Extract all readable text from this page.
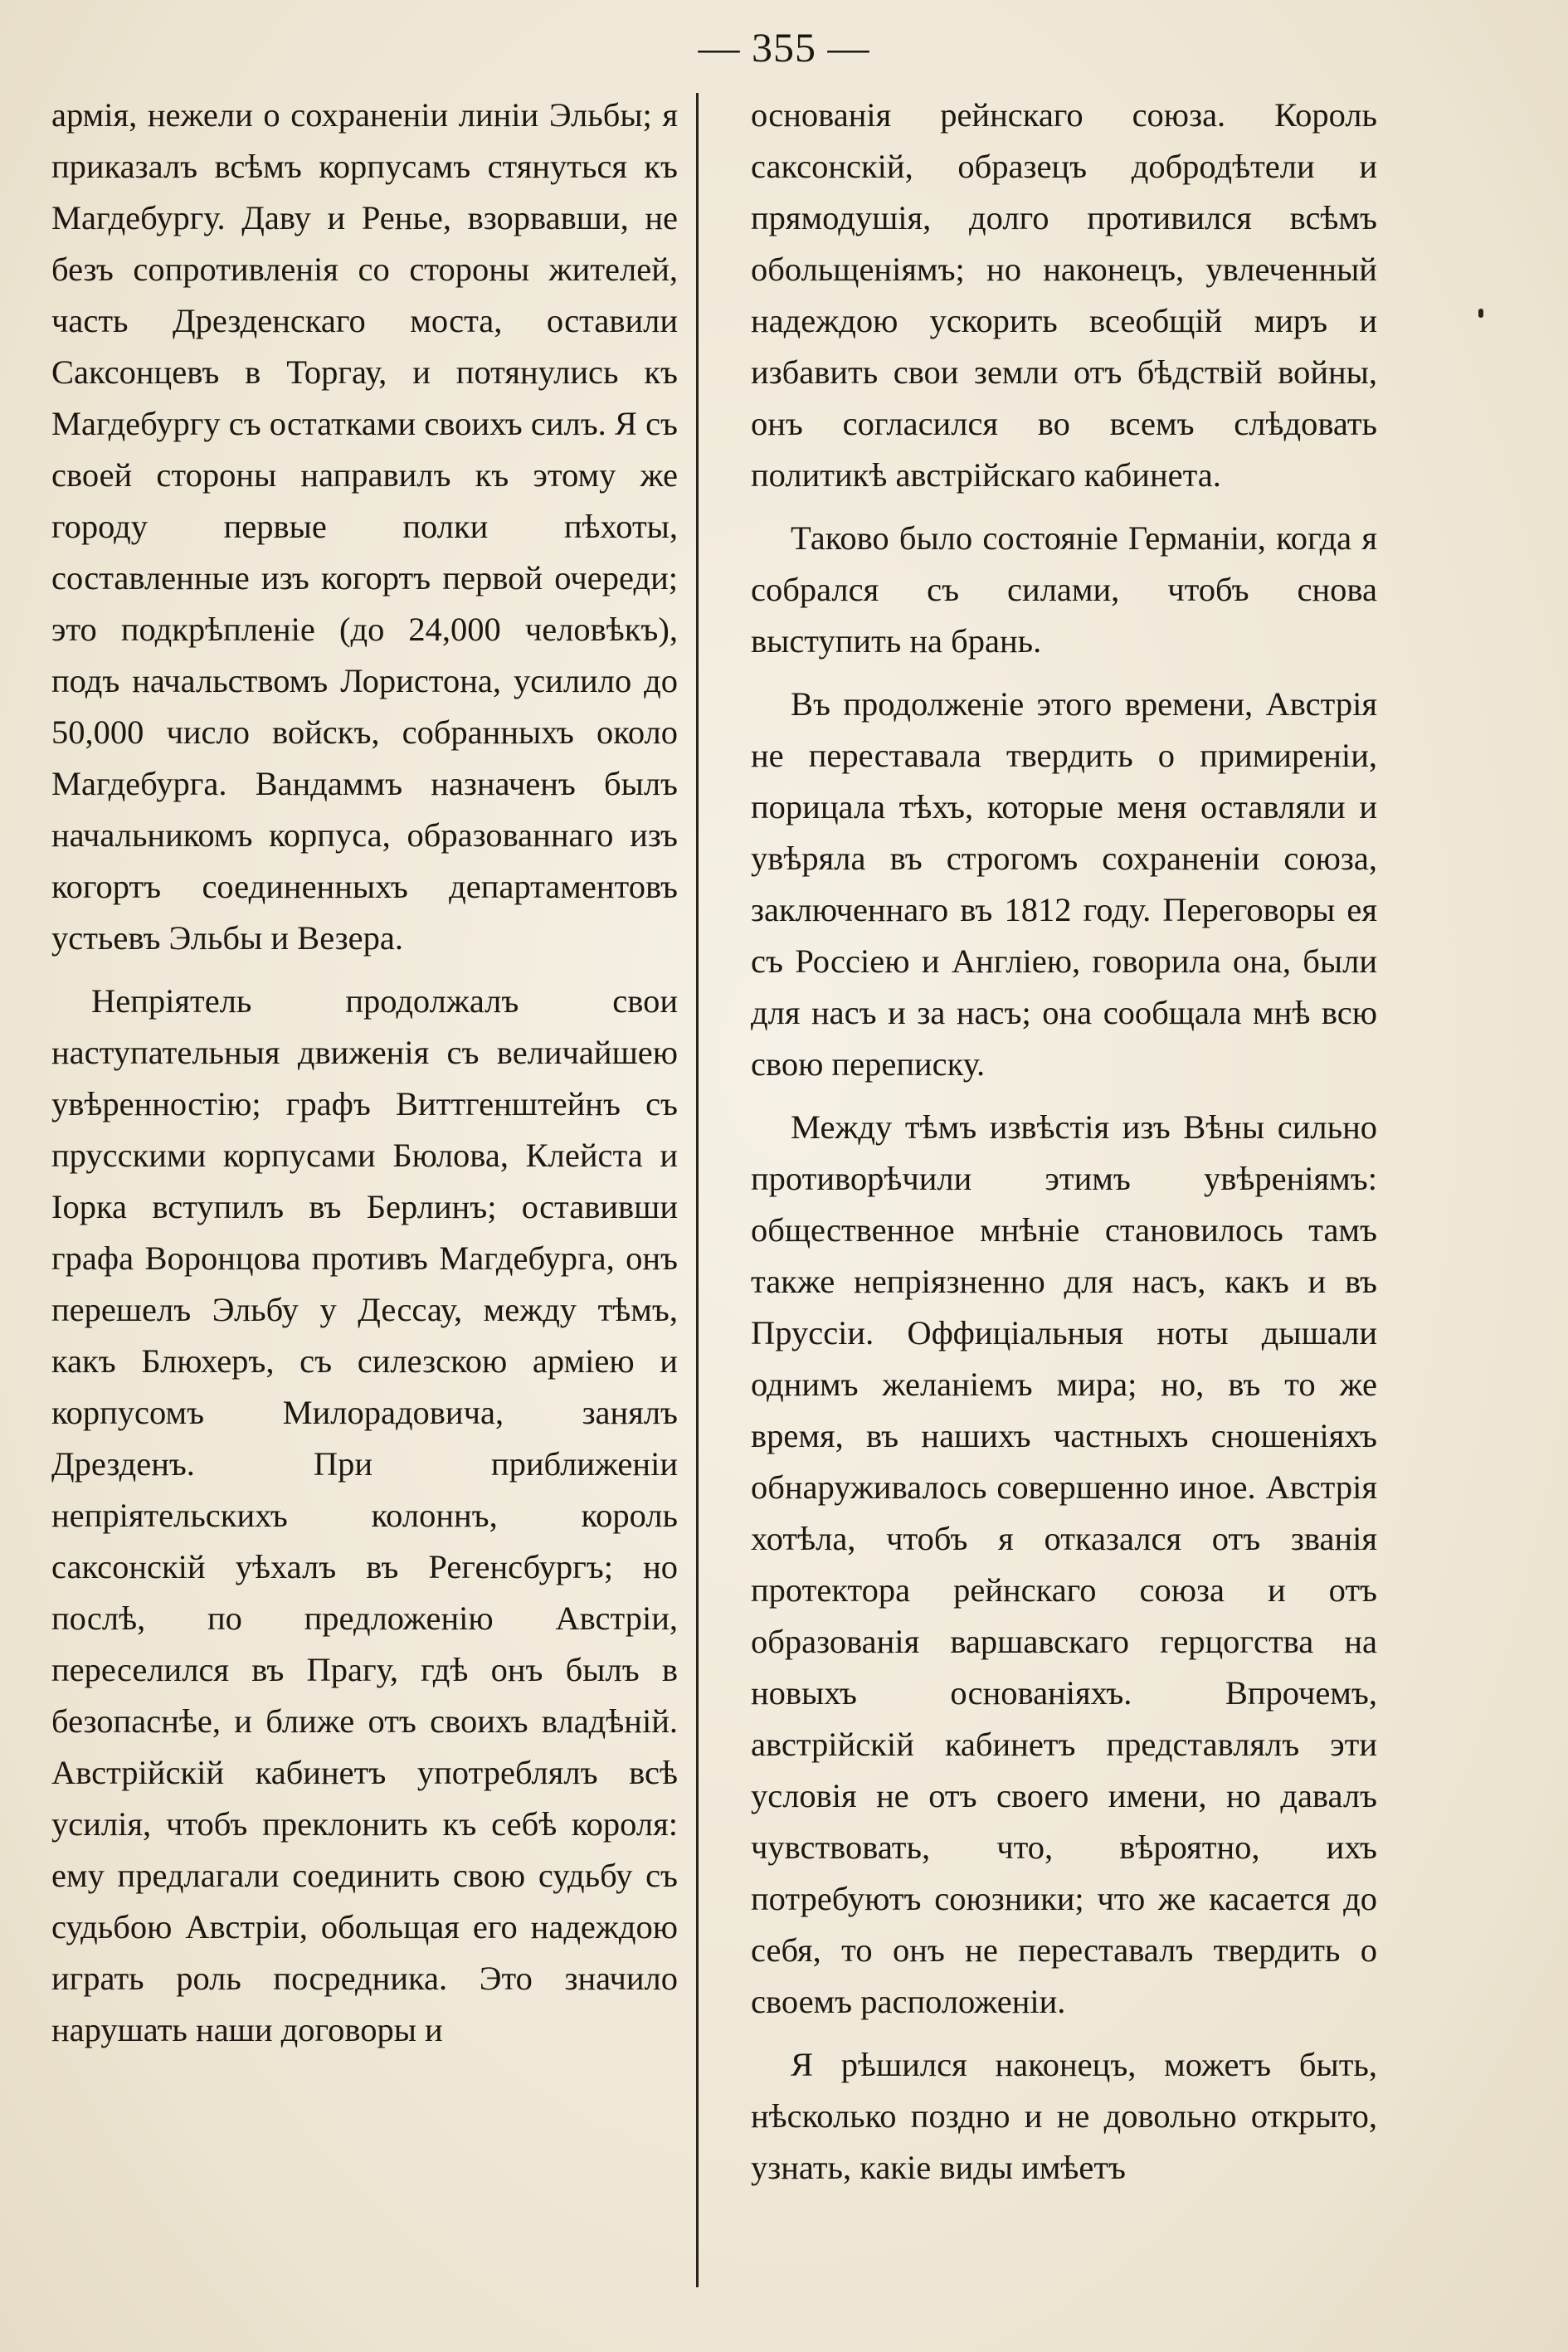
— 355 —

армія, нежели о сохраненіи линіи Эльбы; я приказалъ всѣмъ корпусамъ стянуться къ Магдебургу. Даву и Ренье, взорвавши, не безъ сопротивленія со стороны жителей, часть Дрезденскаго моста, оставили Саксонцевъ в Торгау, и потянулись къ Магдебургу съ остатками своихъ силъ. Я съ своей стороны направилъ къ этому же городу первые полки пѣхоты, составленные изъ когортъ первой очереди; это подкрѣпленіе (до 24,000 человѣкъ), подъ начальствомъ Лористона, усилило до 50,000 число войскъ, собранныхъ около Магдебурга. Вандаммъ назначенъ былъ начальникомъ корпуса, образованнаго изъ когортъ соединенныхъ департаментовъ устьевъ Эльбы и Везера.

Непріятель продолжалъ свои наступательныя движенія съ величайшею увѣренностію; графъ Виттгенштейнъ съ прусскими корпусами Бюлова, Клейста и Іорка вступилъ въ Берлинъ; оставивши графа Воронцова противъ Магдебурга, онъ перешелъ Эльбу у Дессау, между тѣмъ, какъ Блюхеръ, съ силезскою арміею и корпусомъ Милорадовича, занялъ Дрезденъ. При приближеніи непріятельскихъ колоннъ, король саксонскій уѣхалъ въ Регенсбургъ; но послѣ, по предложенію Австріи, переселился въ Прагу, гдѣ онъ былъ в безопаснѣе, и ближе отъ своихъ владѣній. Австрійскій кабинетъ употреблялъ всѣ усилія, чтобъ преклонить къ себѣ короля: ему предлагали соединить свою судьбу съ судьбою Австріи, обольщая его надеждою играть роль посредника. Это значило нарушать наши договоры и

основанія рейнскаго союза. Король саксонскій, образецъ добродѣтели и прямодушія, долго противился всѣмъ обольщеніямъ; но наконецъ, увлеченный надеждою ускорить всеобщій миръ и избавить свои земли отъ бѣдствій войны, онъ согласился во всемъ слѣдовать политикѣ австрійскаго кабинета.

Таково было состояніе Германіи, когда я собрался съ силами, чтобъ снова выступить на брань.

Въ продолженіе этого времени, Австрія не переставала твердить о примиреніи, порицала тѣхъ, которые меня оставляли и увѣряла въ строгомъ сохраненіи союза, заключеннаго въ 1812 году. Переговоры ея съ Россіею и Англіею, говорила она, были для насъ и за насъ; она сообщала мнѣ всю свою переписку.

Между тѣмъ извѣстія изъ Вѣны сильно противорѣчили этимъ увѣреніямъ: общественное мнѣніе становилось тамъ также непріязненно для насъ, какъ и въ Пруссіи. Оффиціальныя ноты дышали однимъ желаніемъ мира; но, въ то же время, въ нашихъ частныхъ сношеніяхъ обнаруживалось совершенно иное. Австрія хотѣла, чтобъ я отказался отъ званія протектора рейнскаго союза и отъ образованія варшавскаго герцогства на новыхъ основаніяхъ. Впрочемъ, австрійскій кабинетъ представлялъ эти условія не отъ своего имени, но давалъ чувствовать, что, вѣроятно, ихъ потребуютъ союзники; что же касается до себя, то онъ не переставалъ твердить о своемъ расположеніи.

Я рѣшился наконецъ, можетъ быть, нѣсколько поздно и не довольно открыто, узнать, какіе виды имѣетъ
